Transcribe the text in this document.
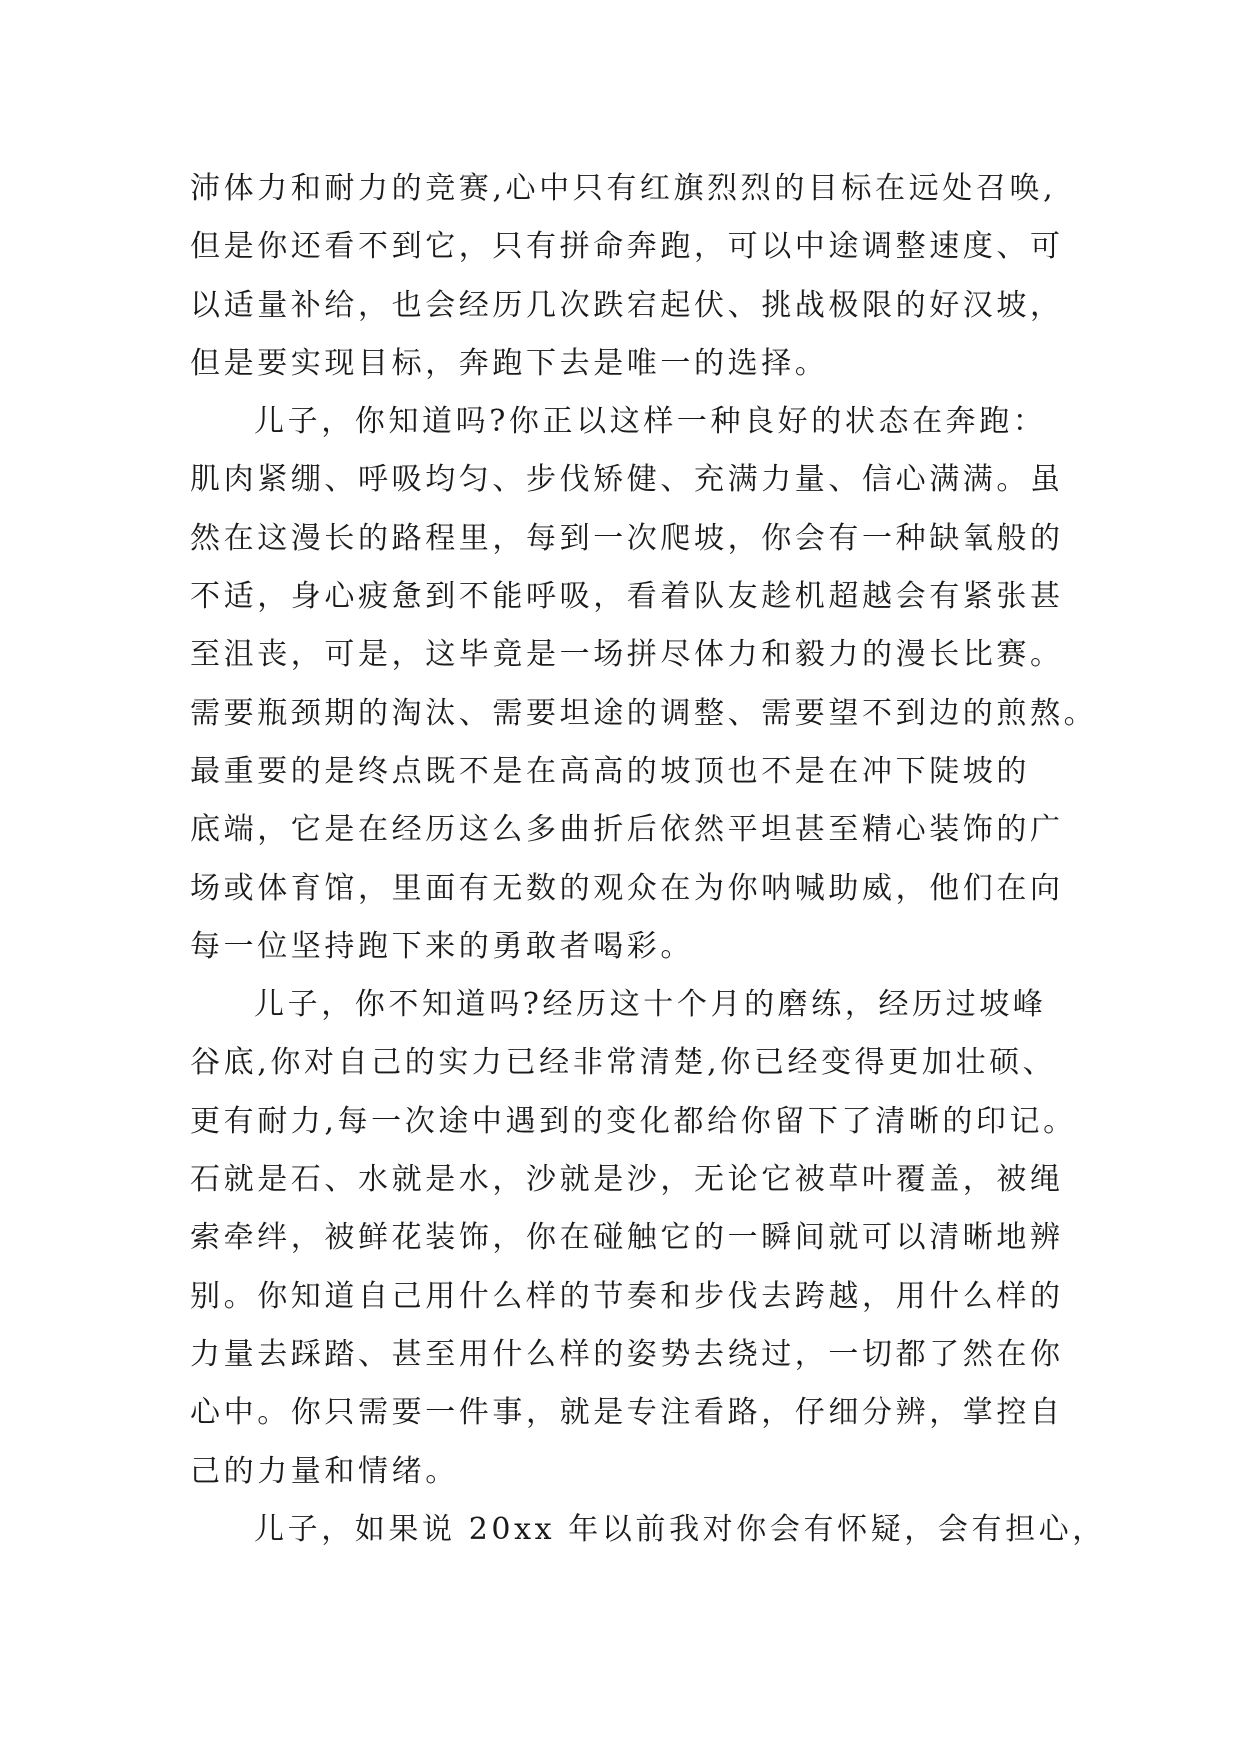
沛体力和耐力的竞赛,心中只有红旗烈烈的目标在远处召唤,
但是你还看不到它，只有拼命奔跑，可以中途调整速度、可
以适量补给，也会经历几次跌宕起伏、挑战极限的好汉坡，
但是要实现目标，奔跑下去是唯一的选择。
儿子，你知道吗?你正以这样一种良好的状态在奔跑：
肌肉紧绷、呼吸均匀、步伐矫健、充满力量、信心满满。虽
然在这漫长的路程里，每到一次爬坡，你会有一种缺氧般的
不适，身心疲惫到不能呼吸，看着队友趁机超越会有紧张甚
至沮丧，可是，这毕竟是一场拼尽体力和毅力的漫长比赛。
需要瓶颈期的淘汰、需要坦途的调整、需要望不到边的煎熬。
最重要的是终点既不是在高高的坡顶也不是在冲下陡坡的
底端，它是在经历这么多曲折后依然平坦甚至精心装饰的广
场或体育馆，里面有无数的观众在为你呐喊助威，他们在向
每一位坚持跑下来的勇敢者喝彩。
儿子，你不知道吗?经历这十个月的磨练，经历过坡峰
谷底,你对自己的实力已经非常清楚,你已经变得更加壮硕、
更有耐力,每一次途中遇到的变化都给你留下了清晰的印记。
石就是石、水就是水，沙就是沙，无论它被草叶覆盖，被绳
索牵绊，被鲜花装饰，你在碰触它的一瞬间就可以清晰地辨
别。你知道自己用什么样的节奏和步伐去跨越，用什么样的
力量去踩踏、甚至用什么样的姿势去绕过，一切都了然在你
心中。你只需要一件事，就是专注看路，仔细分辨，掌控自
己的力量和情绪。
儿子，如果说 20xx 年以前我对你会有怀疑，会有担心，
